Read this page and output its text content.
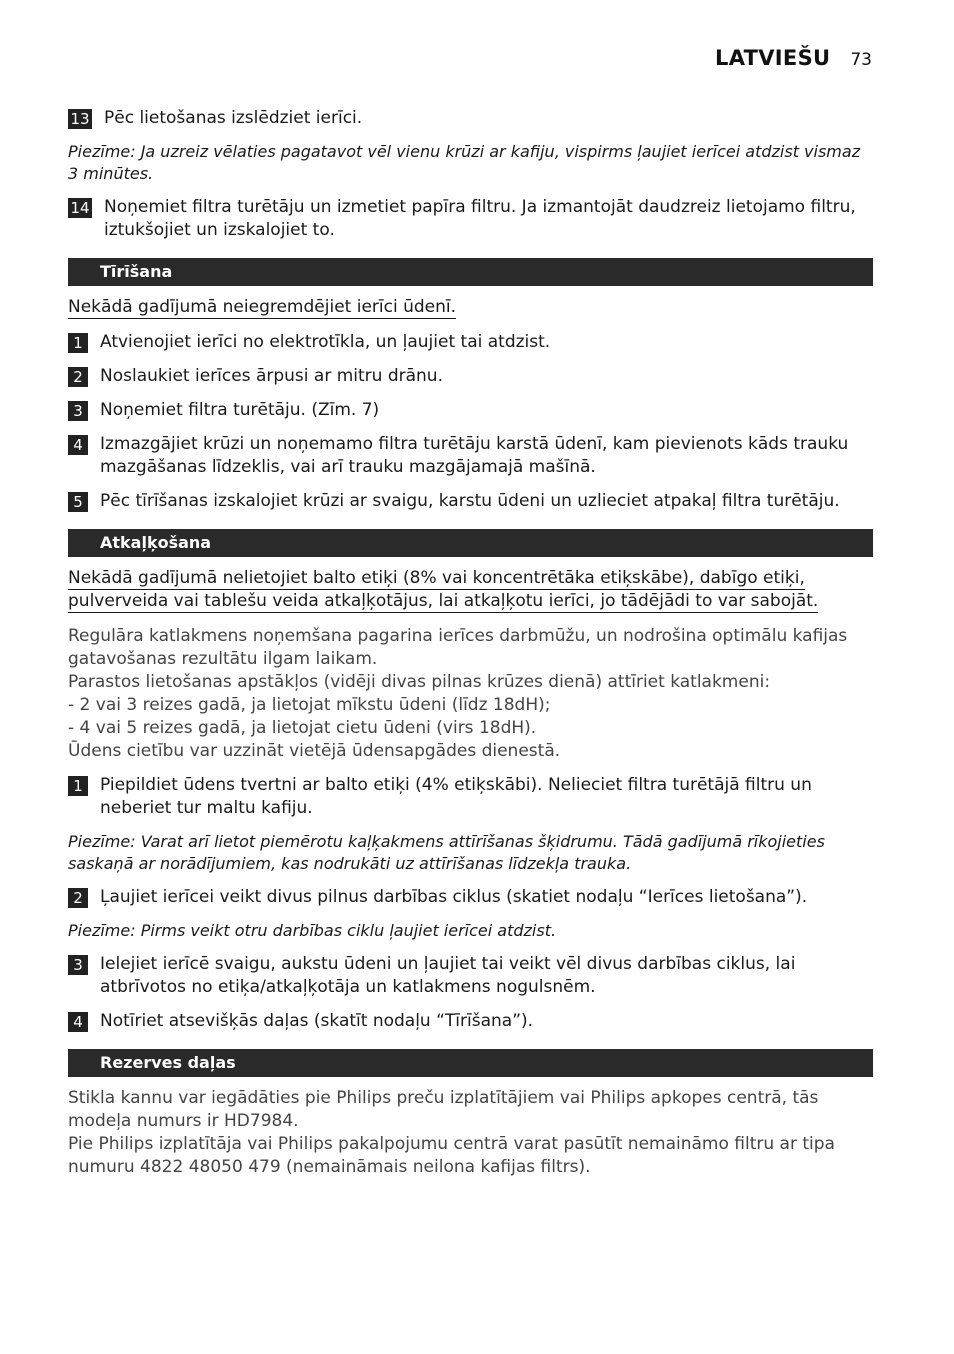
LATVIEŠU 73
13 Pēc lietošanas izslēdziet ierīci.
Piezīme: Ja uzreiz vēlaties pagatavot vēl vienu krūzi ar kafiju, vispirms ļaujiet ierīcei atdzist vismaz 3 minūtes.
14 Noņemiet filtra turētāju un izmetiet papīra filtru. Ja izmantojāt daudzreiz lietojamo filtru, iztukšojiet un izskalojiet to.
Tīrīšana
Nekādā gadījumā neiegremdējiet ierīci ūdenī.
1	Atvienojiet ierīci no elektrotīkla, un ļaujiet tai atdzist.
2	Noslaukiet ierīces ārpusi ar mitru drānu.
3	Noņemiet filtra turētāju. (Zīm. 7)
4	Izmazgājiet krūzi un noņemamo filtra turētāju karstā ūdenī, kam pievienots kāds trauku mazgāšanas līdzeklis, vai arī trauku mazgājamajā mašīnā.
5	Pēc tīrīšanas izskalojiet krūzi ar svaigu, karstu ūdeni un uzlieciet atpakaļ filtra turētāju.
Atkaļķošana
Nekādā gadījumā nelietojiet balto etiķi (8% vai koncentrētāka etiķskābe), dabīgo etiķi, pulverveida vai tablešu veida atkaļķotājus, lai atkaļķotu ierīci, jo tādējādi to var sabojāt.
Regulāra katlakmens noņemšana pagarina ierīces darbmūžu, un nodrošina optimālu kafijas gatavošanas rezultātu ilgam laikam.
Parastos lietošanas apstākļos (vidēji divas pilnas krūzes dienā) attīriet katlakmeni:
- 2 vai 3 reizes gadā, ja lietojat mīkstu ūdeni (līdz 18dH);
- 4 vai 5 reizes gadā, ja lietojat cietu ūdeni (virs 18dH).
Ūdens cietību var uzzināt vietējā ūdensapgādes dienestā.
1	Piepildiet ūdens tvertni ar balto etiķi (4% etiķskābi). Nelieciet filtra turētājā filtru un neberiet tur maltu kafiju.
Piezīme: Varat arī lietot piemērotu kaļķakmens attīrīšanas šķidrumu. Tādā gadījumā rīkojieties saskaņā ar norādījumiem, kas nodrukāti uz attīrīšanas līdzekļa trauka.
2	Ļaujiet ierīcei veikt divus pilnus darbības ciklus (skatiet nodaļu “Ierīces lietošana”).
Piezīme: Pirms veikt otru darbības ciklu ļaujiet ierīcei atdzist.
3	Ielejiet ierīcē svaigu, aukstu ūdeni un ļaujiet tai veikt vēl divus darbības ciklus, lai atbrīvotos no etiķa/atkaļķotāja un katlakmens nogulsnēm.
4	Notīriet atsevišķās daļas (skatīt nodaļu “Tīrīšana”).
Rezerves daļas
Stikla kannu var iegādāties pie Philips preču izplatītājiem vai Philips apkopes centrā, tās modeļa numurs ir HD7984.
Pie Philips izplatītāja vai Philips pakalpojumu centrā varat pasūtīt nemaināmo filtru ar tipa numuru 4822 48050 479 (nemaināmais neilona kafijas filtrs).
